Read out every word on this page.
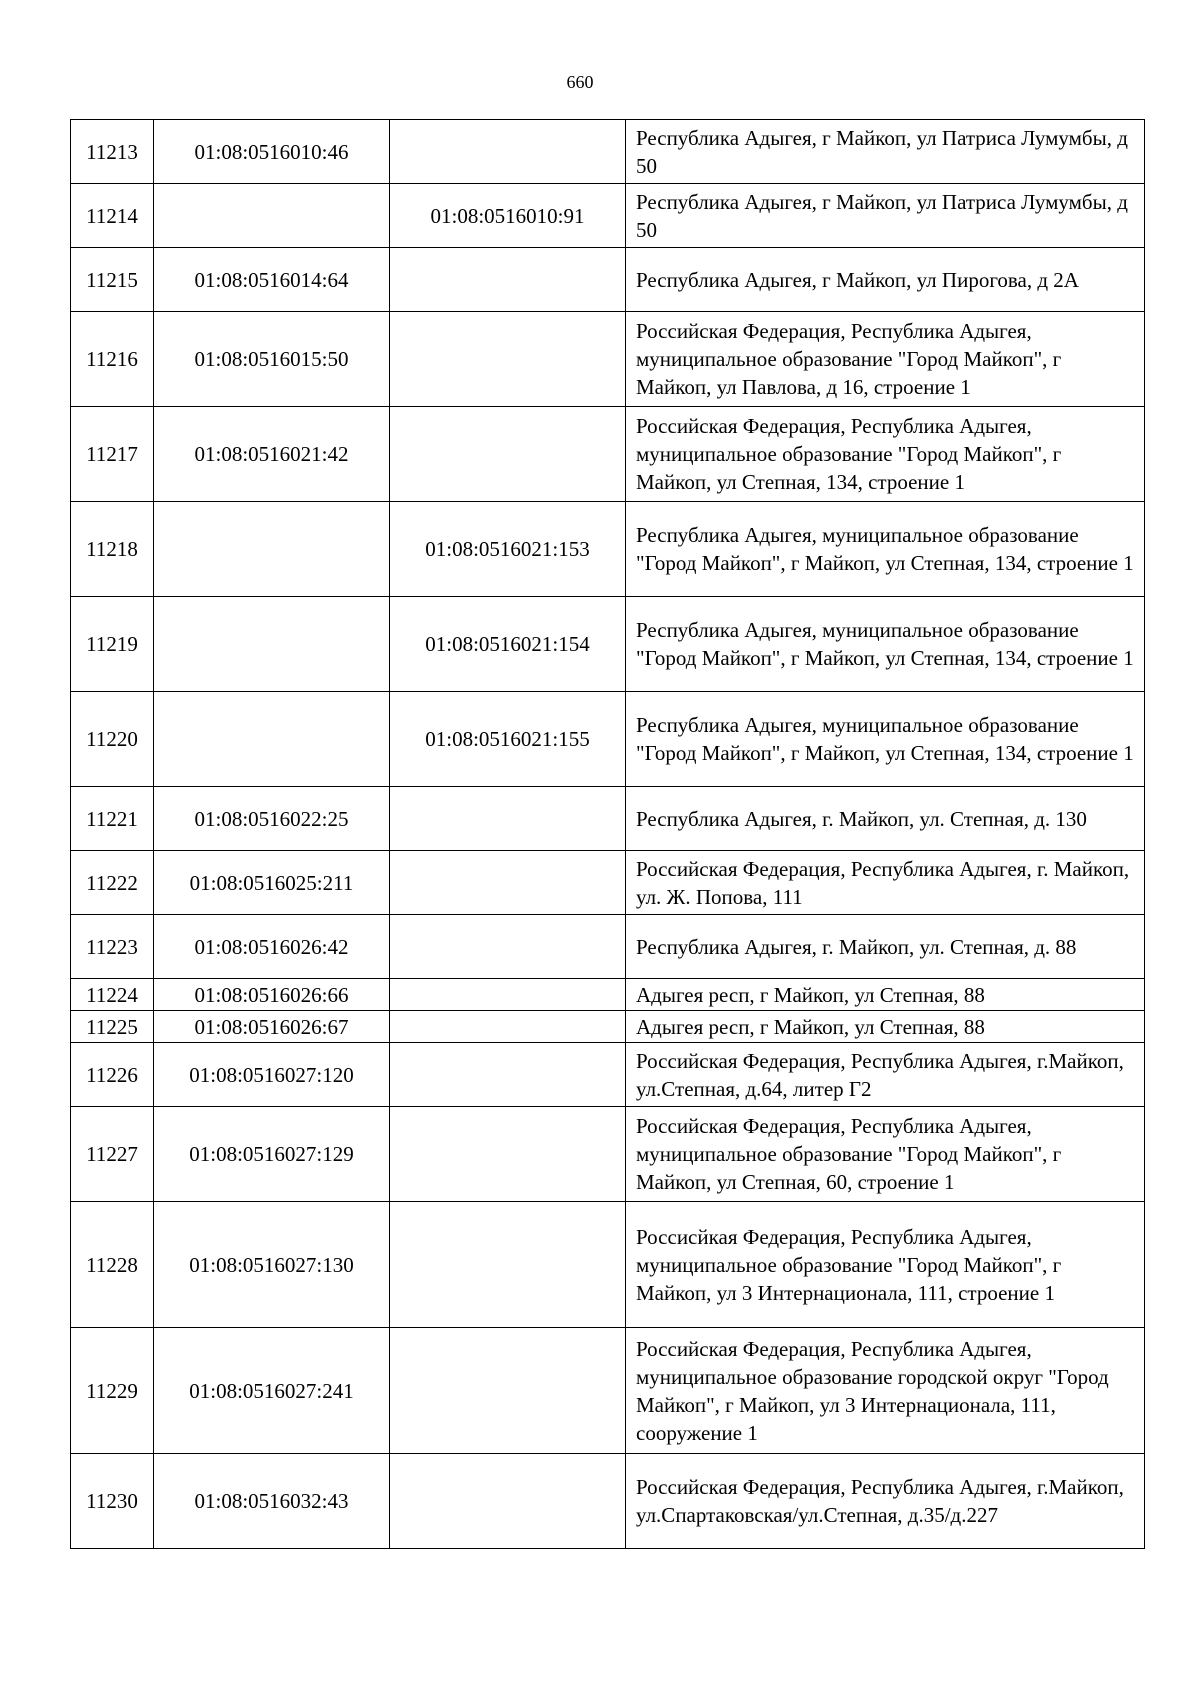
660
11213	01:08:0516010:46		Республика Адыгея, г Майкоп, ул Патриса Лумумбы, д 50
11214		01:08:0516010:91	Республика Адыгея, г Майкоп, ул Патриса Лумумбы, д 50
11215	01:08:0516014:64		Республика Адыгея, г Майкоп, ул Пирогова, д 2А
11216	01:08:0516015:50		Российская Федерация, Республика Адыгея, муниципальное образование "Город Майкоп", г Майкоп, ул Павлова, д 16, строение 1
11217	01:08:0516021:42		Российская Федерация, Республика Адыгея, муниципальное образование "Город Майкоп", г Майкоп, ул Степная, 134, строение 1
11218		01:08:0516021:153	Республика Адыгея, муниципальное образование "Город Майкоп", г Майкоп, ул Степная, 134, строение 1
11219		01:08:0516021:154	Республика Адыгея, муниципальное образование "Город Майкоп", г Майкоп, ул Степная, 134, строение 1
11220		01:08:0516021:155	Республика Адыгея, муниципальное образование "Город Майкоп", г Майкоп, ул Степная, 134, строение 1
11221	01:08:0516022:25		Республика Адыгея, г. Майкоп, ул. Степная, д. 130
11222	01:08:0516025:211		Российская Федерация, Республика Адыгея, г. Майкоп, ул. Ж. Попова, 111
11223	01:08:0516026:42		Республика Адыгея, г. Майкоп, ул. Степная, д. 88
11224	01:08:0516026:66		Адыгея респ, г Майкоп, ул Степная, 88
11225	01:08:0516026:67		Адыгея респ, г Майкоп, ул Степная, 88
11226	01:08:0516027:120		Российская Федерация, Республика Адыгея, г.Майкоп, ул.Степная, д.64, литер Г2
11227	01:08:0516027:129		Российская Федерация, Республика Адыгея, муниципальное образование "Город Майкоп", г Майкоп, ул Степная, 60, строение 1
11228	01:08:0516027:130		Россисйкая Федерация, Республика Адыгея, муниципальное образование "Город Майкоп", г Майкоп, ул 3 Интернационала, 111, строение 1
11229	01:08:0516027:241		Российская Федерация, Республика Адыгея, муниципальное образование городской округ "Город Майкоп", г Майкоп, ул 3 Интернационала, 111, сооружение 1
11230	01:08:0516032:43		Российская Федерация, Республика Адыгея, г.Майкоп, ул.Спартаковская/ул.Степная, д.35/д.227
